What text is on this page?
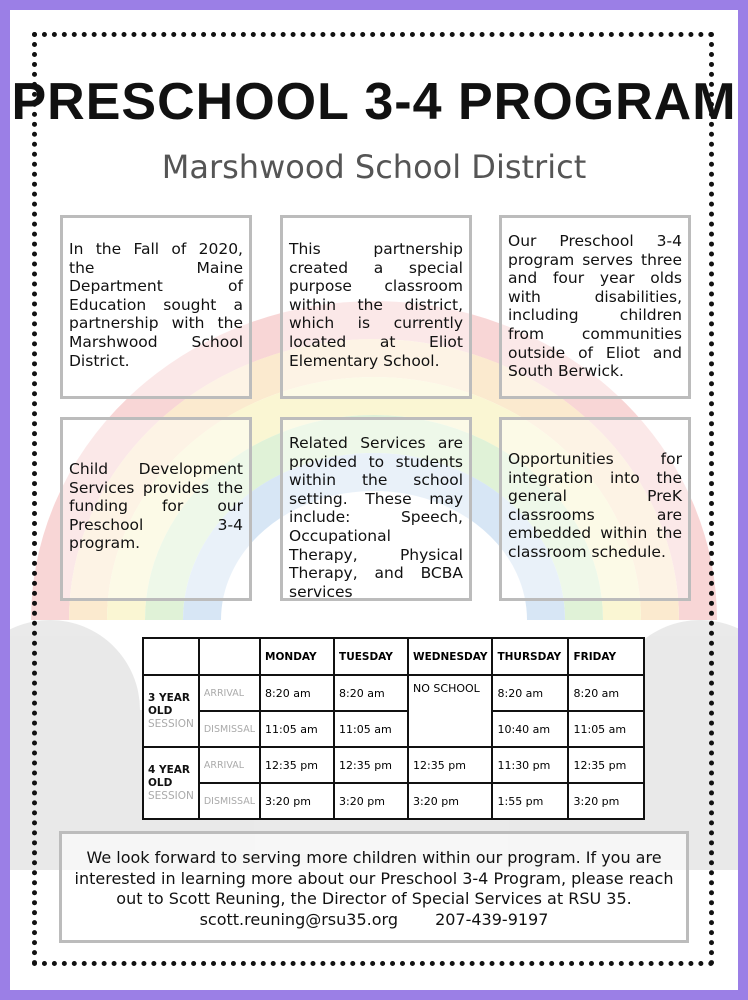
PRESCHOOL 3-4 PROGRAM
Marshwood School District
In the Fall of 2020, the Maine Department of Education sought a partnership with the Marshwood School District.
This partnership created a special purpose classroom within the district, which is currently located at Eliot Elementary School.
Our Preschool 3-4 program serves three and four year olds with disabilities, including children from communities outside of Eliot and South Berwick.
Child Development Services provides the funding for our Preschool 3-4 program.
Related Services are provided to students within the school setting. These may include: Speech, Occupational Therapy, Physical Therapy, and BCBA services
Opportunities for integration into the general PreK classrooms are embedded within the classroom schedule.
		MONDAY	TUESDAY	WEDNESDAY	THURSDAY	FRIDAY
3 YEAR OLD
SESSION	ARRIVAL	8:20 am	8:20 am	NO SCHOOL	8:20 am	8:20 am
	DISMISSAL	11:05 am	11:05 am		10:40 am	11:05 am
4 YEAR OLD
SESSION	ARRIVAL	12:35 pm	12:35 pm	12:35 pm	11:30 pm	12:35 pm
	DISMISSAL	3:20 pm	3:20 pm	3:20 pm	1:55 pm	3:20 pm
We look forward to serving more children within our program. If you are interested in learning more about our Preschool 3-4 Program, please reach out to Scott Reuning, the Director of Special Services at RSU 35.
scott.reuning@rsu35.org 207-439-9197
